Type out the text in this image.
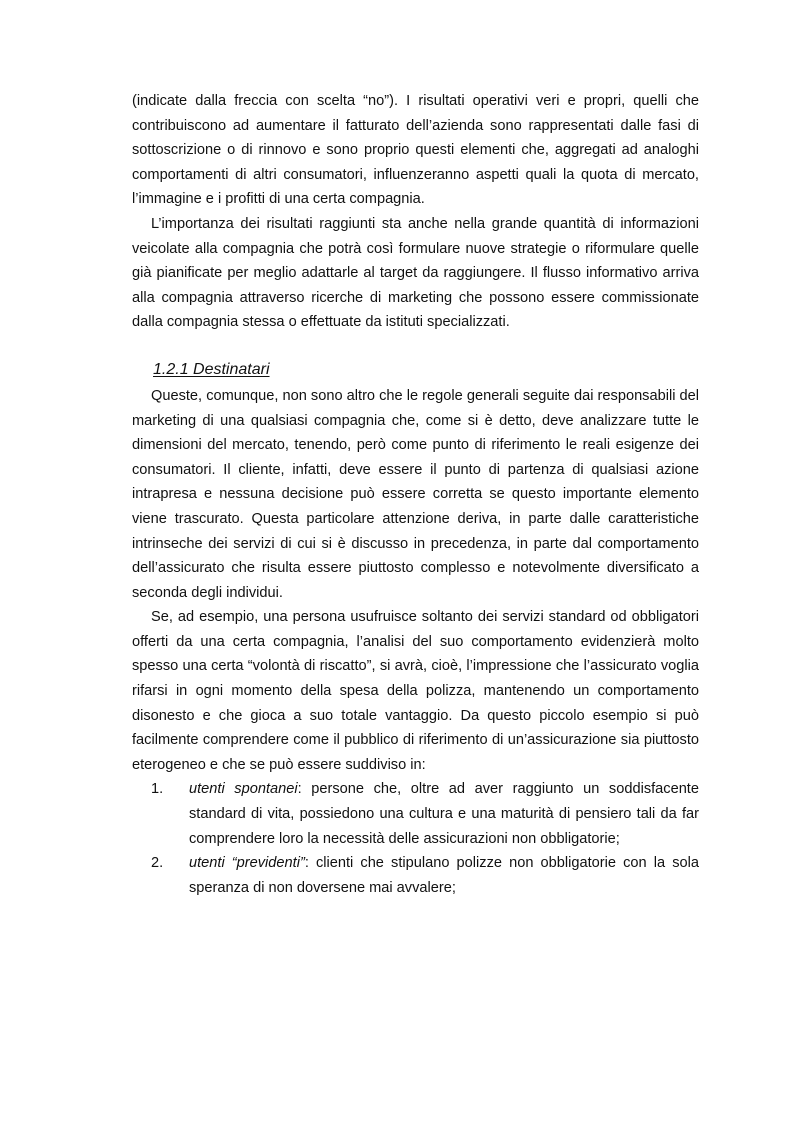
(indicate dalla freccia con scelta “no”). I risultati operativi veri e propri, quelli che contribuiscono ad aumentare il fatturato dell’azienda sono rappresentati dalle fasi di sottoscrizione o di rinnovo e sono proprio questi elementi che, aggregati ad analoghi comportamenti di altri consumatori, influenzeranno aspetti quali la quota di mercato, l’immagine e i profitti di una certa compagnia.

L’importanza dei risultati raggiunti sta anche nella grande quantità di informazioni veicolate alla compagnia che potrà così formulare nuove strategie o riformulare quelle già pianificate per meglio adattarle al target da raggiungere. Il flusso informativo arriva alla compagnia attraverso ricerche di marketing che possono essere commissionate dalla compagnia stessa o effettuate da istituti specializzati.

1.2.1 Destinatari

Queste, comunque, non sono altro che le regole generali seguite dai responsabili del marketing di una qualsiasi compagnia che, come si è detto, deve analizzare tutte le dimensioni del mercato, tenendo, però come punto di riferimento le reali esigenze dei consumatori. Il cliente, infatti, deve essere il punto di partenza di qualsiasi azione intrapresa e nessuna decisione può essere corretta se questo importante elemento viene trascurato. Questa particolare attenzione deriva, in parte dalle caratteristiche intrinseche dei servizi di cui si è discusso in precedenza, in parte dal comportamento dell’assicurato che risulta essere piuttosto complesso e notevolmente diversificato a seconda degli individui.

Se, ad esempio, una persona usufruisce soltanto dei servizi standard od obbligatori offerti da una certa compagnia, l’analisi del suo comportamento evidenzierà molto spesso una certa “volontà di riscatto”, si avrà, cioè, l’impressione che l’assicurato voglia rifarsi in ogni momento della spesa della polizza, mantenendo un comportamento disonesto e che gioca a suo totale vantaggio. Da questo piccolo esempio si può facilmente comprendere come il pubblico di riferimento di un’assicurazione sia piuttosto eterogeneo e che se può essere suddiviso in:

1.	utenti spontanei: persone che, oltre ad aver raggiunto un soddisfacente standard di vita, possiedono una cultura e una maturità di pensiero tali da far comprendere loro la necessità delle assicurazioni non obbligatorie;
2.	utenti “previdenti”: clienti che stipulano polizze non obbligatorie con la sola speranza di non doversene mai avvalere;
